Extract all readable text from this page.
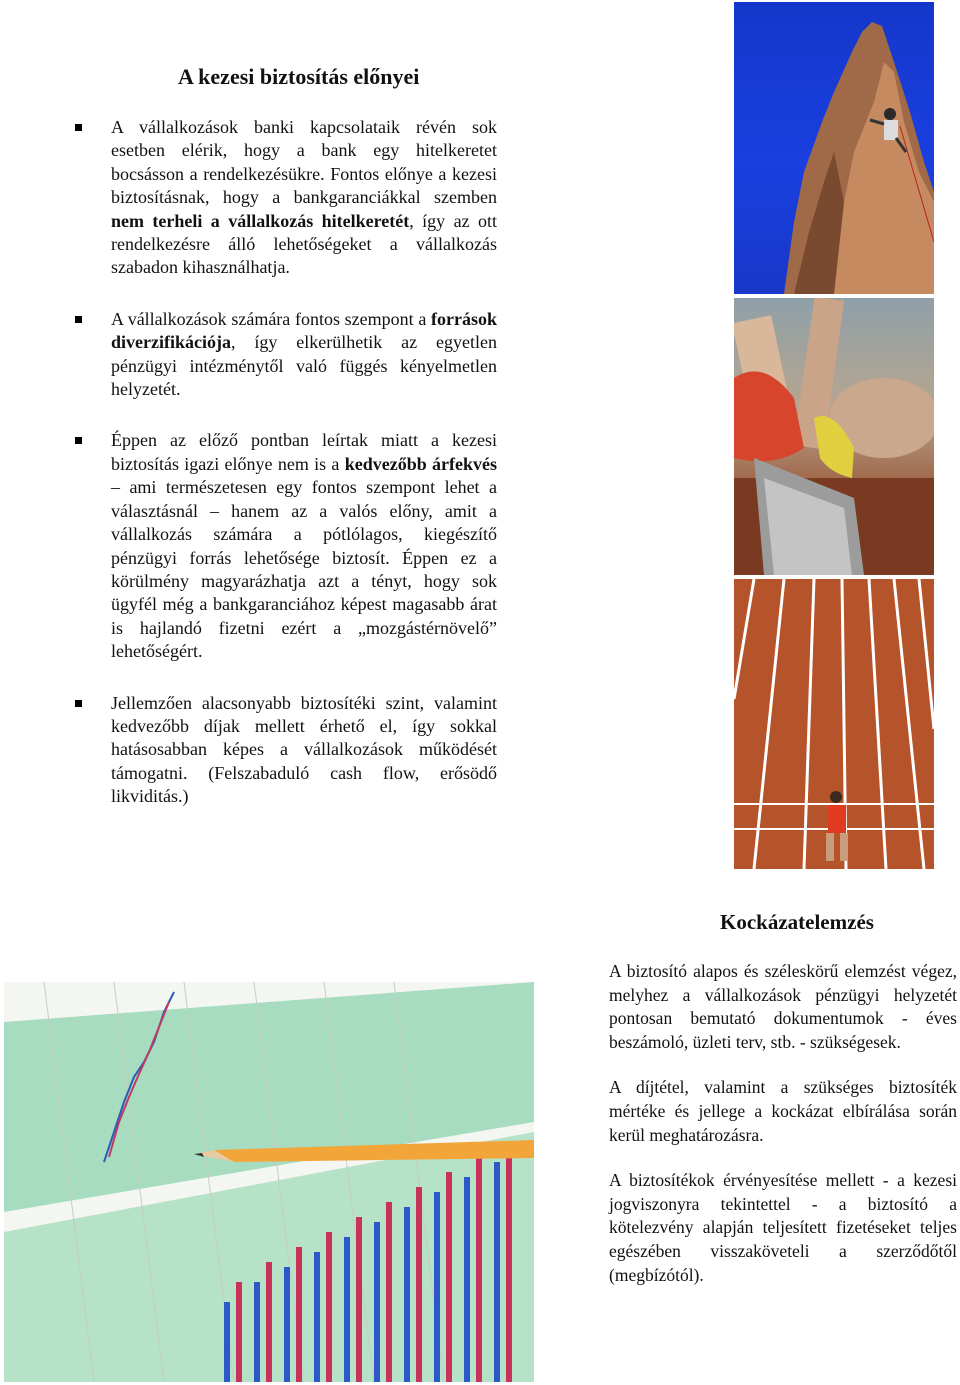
A kezesi biztosítás előnyei
A vállalkozások banki kapcsolataik révén sok esetben elérik, hogy a bank egy hitelkeretet bocsásson a rendelkezésükre. Fontos előnye a kezesi biztosításnak, hogy a bankgaranciákkal szemben nem terheli a vállalkozás hitelkeretét, így az ott rendelkezésre álló lehetőségeket a vállalkozás szabadon kihasználhatja.
A vállalkozások számára fontos szempont a források diverzifikációja, így elkerülhetik az egyetlen pénzügyi intézménytől való függés kényelmetlen helyzetét.
Éppen az előző pontban leírtak miatt a kezesi biztosítás igazi előnye nem is a kedvezőbb árfekvés – ami természetesen egy fontos szempont lehet a választásnál – hanem az a valós előny, amit a vállalkozás számára a pótlólagos, kiegészítő pénzügyi forrás lehetősége biztosít. Éppen ez a körülmény magyarázhatja azt a tényt, hogy sok ügyfél még a bankgaranciához képest magasabb árat is hajlandó fizetni ezért a „mozgástérnövelő” lehetőségért.
Jellemzően alacsonyabb biztosítéki szint, valamint kedvezőbb díjak mellett érhető el, így sokkal hatásosabban képes a vállalkozások működését támogatni. (Felszabaduló cash flow, erősödő likviditás.)
Kockázatelemzés

A biztosító alapos és széleskörű elemzést végez, melyhez a vállalkozások pénzügyi helyzetét pontosan bemutató dokumentumok - éves beszámoló, üzleti terv, stb. - szükségesek.

A díjtétel, valamint a szükséges biztosíték mértéke és jellege a kockázat elbírálása során kerül meghatározásra.

A biztosítékok érvényesítése mellett - a kezesi jogviszonyra tekintettel - a biztosító a kötelezvény alapján teljesített fizetéseket teljes egészében visszaköveteli a szerződőtől (megbízótól).
